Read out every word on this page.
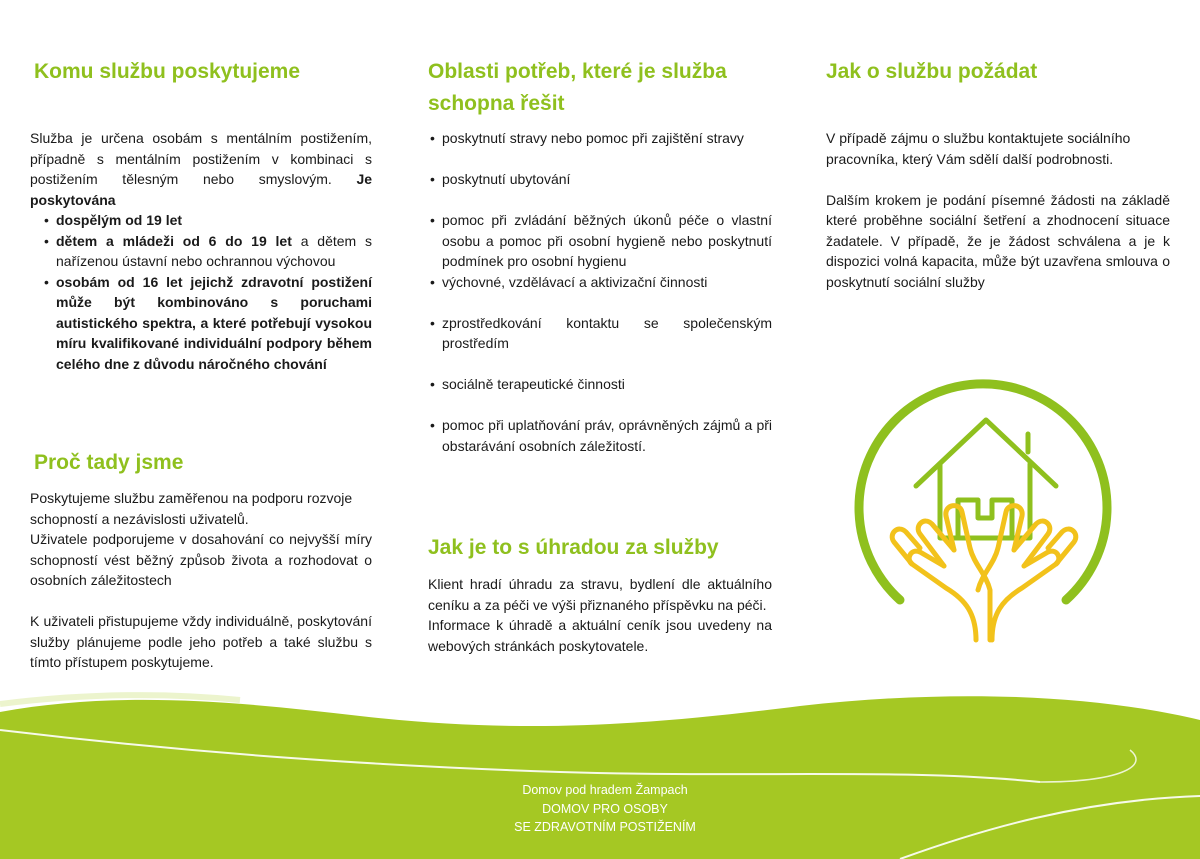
Komu službu poskytujeme

Služba je určena osobám s mentálním postižením, případně s mentálním postižením v kombinaci s postižením tělesným nebo smyslovým. Je poskytována

• dospělým od 19 let
• dětem a mládeži od 6 do 19 let a dětem s nařízenou ústavní nebo ochrannou výchovou
• osobám od 16 let jejichž zdravotní postižení může být kombinováno s poruchami autistického spektra, a které potřebují vysokou míru kvalifikované individuální podpory během celého dne z důvodu náročného chování
Proč tady jsme

Poskytujeme službu zaměřenou na podporu rozvoje schopností a nezávislosti uživatelů.

Uživatele podporujeme v dosahování co nejvyšší míry schopností vést běžný způsob života a rozhodovat o osobních záležitostech

K uživateli přistupujeme vždy individuálně, poskytování služby plánujeme podle jeho potřeb a také službu s tímto přístupem poskytujeme.

Oblasti potřeb, které je služba schopna řešit
• poskytnutí stravy nebo pomoc při zajištění stravy
• poskytnutí ubytování
• pomoc při zvládání běžných úkonů péče o vlastní osobu a pomoc při osobní hygieně nebo poskytnutí podmínek pro osobní hygienu
• výchovné, vzdělávací a aktivizační činnosti
• zprostředkování kontaktu se společenským prostředím
• sociálně terapeutické činnosti
• pomoc při uplatňování práv, oprávněných zájmů a při obstarávání osobních záležitostí.
Jak je to s úhradou za služby

Klient hradí úhradu za stravu, bydlení dle aktuálního ceníku a za péči ve výši přiznaného příspěvku na péči.

Informace k úhradě a aktuální ceník jsou uvedeny na webových stránkách poskytovatele.

Jak o službu požádat

V případě zájmu o službu kontaktujete sociálního pracovníka, který Vám sdělí další podrobnosti.

Dalším krokem je podání písemné žádosti na základě které proběhne sociální šetření a zhodnocení situace žadatele. V případě, že je žádost schválena a je k dispozici volná kapacita, může být uzavřena smlouva o poskytnutí sociální služby

Domov pod hradem Žampach
DOMOV PRO OSOBY
SE ZDRAVOTNÍM POSTIŽENÍM
